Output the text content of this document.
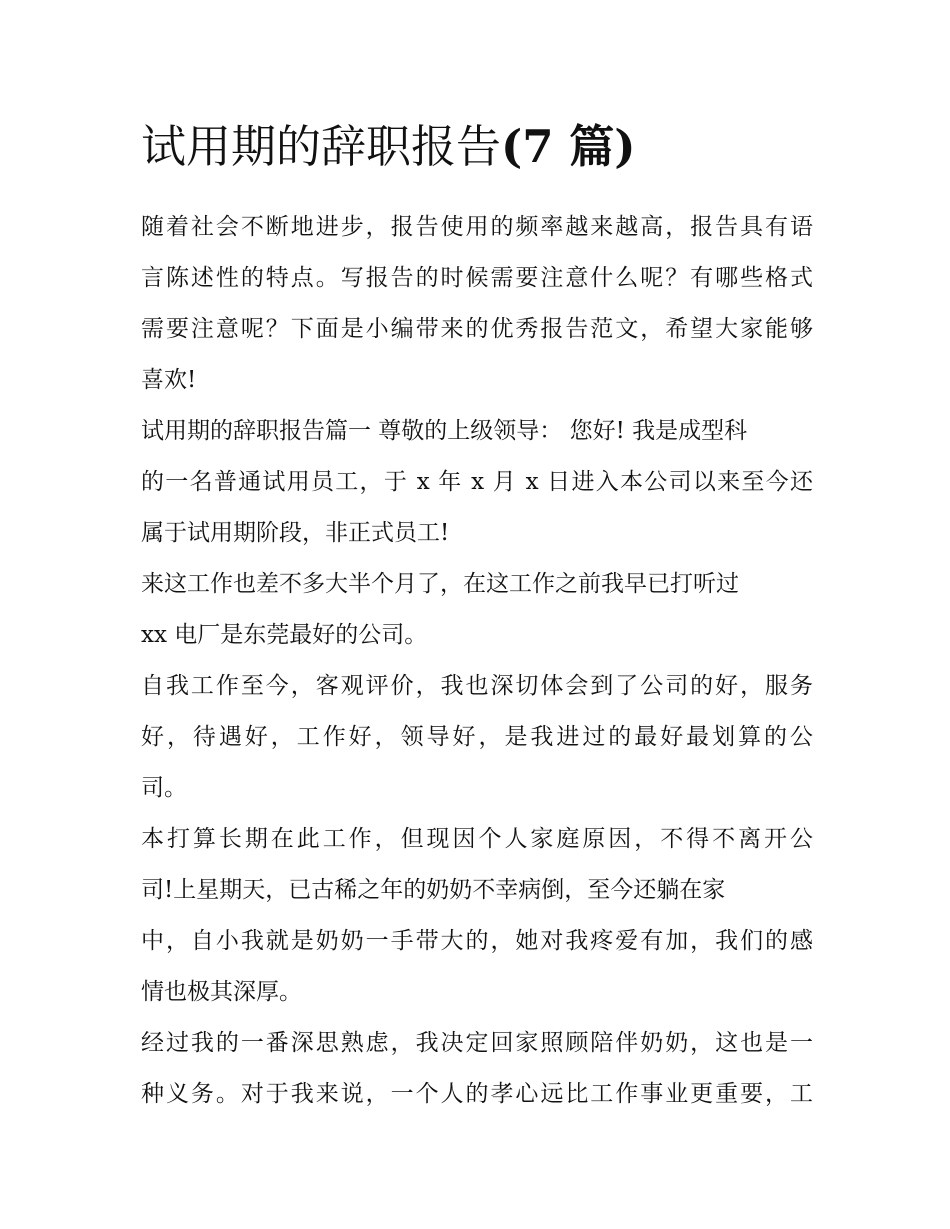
试用期的辞职报告(7 篇)
随着社会不断地进步，报告使用的频率越来越高，报告具有语
言陈述性的特点。写报告的时候需要注意什么呢？有哪些格式
需要注意呢？下面是小编带来的优秀报告范文，希望大家能够
喜欢!
试用期的辞职报告篇一 尊敬的上级领导： 您好! 我是成型科
的一名普通试用员工，于 x 年 x 月 x 日进入本公司以来至今还
属于试用期阶段，非正式员工!
来这工作也差不多大半个月了，在这工作之前我早已打听过
xx 电厂是东莞最好的公司。
自我工作至今，客观评价，我也深切体会到了公司的好，服务
好，待遇好，工作好，领导好，是我进过的最好最划算的公
司。
本打算长期在此工作，但现因个人家庭原因，不得不离开公
司!上星期天，已古稀之年的奶奶不幸病倒，至今还躺在家
中，自小我就是奶奶一手带大的，她对我疼爱有加，我们的感
情也极其深厚。
经过我的一番深思熟虑，我决定回家照顾陪伴奶奶，这也是一
种义务。对于我来说，一个人的孝心远比工作事业更重要，工
